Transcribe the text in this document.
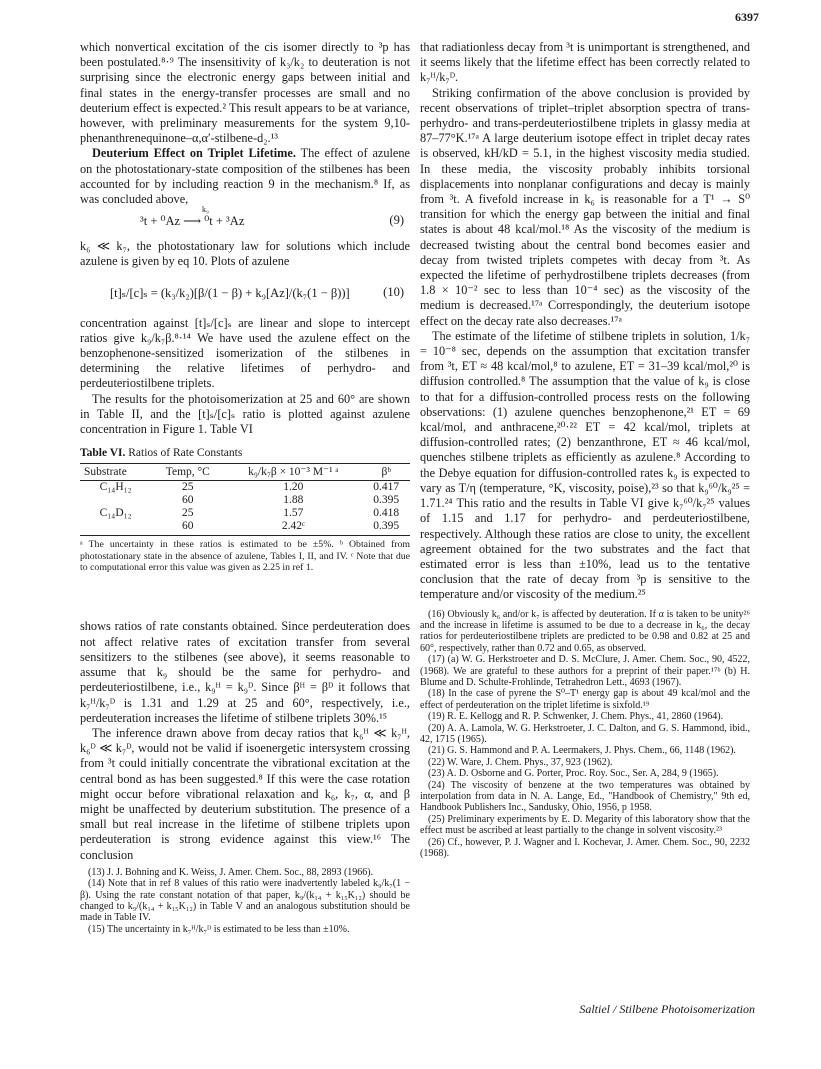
6397

which nonvertical excitation of the cis isomer directly to ³p has been postulated.⁸·⁹ The insensitivity of k₃/k₂ to deuteration is not surprising since the electronic energy gaps between initial and final states in the energy-transfer processes are small and no deuterium effect is expected.² This result appears to be at variance, however, with preliminary measurements for the system 9,10-phenanthrenequinone–α,α′-stilbene-d₂.¹³

Deuterium Effect on Triplet Lifetime. The effect of azulene on the photostationary-state composition of the stilbenes has been accounted for by including reaction 9 in the mechanism.⁸ If, as was concluded above,

k₉
³t + ⁰Az ⟶ ⁰t + ³Az	(9)

k₆ ≪ k₇, the photostationary law for solutions which include azulene is given by eq 10. Plots of azulene

[t]ₛ/[c]ₛ = (k₃/k₂)[β/(1 − β) + k₉[Az]/(k₇(1 − β))]	(10)

concentration against [t]ₛ/[c]ₛ are linear and slope to intercept ratios give k₉/k₇β.⁸·¹⁴ We have used the azulene effect on the benzophenone-sensitized isomerization of the stilbenes in determining the relative lifetimes of perhydro- and perdeuteriostilbene triplets.

The results for the photoisomerization at 25 and 60° are shown in Table II, and the [t]ₛ/[c]ₛ ratio is plotted against azulene concentration in Figure 1. Table VI

Table VI. Ratios of Rate Constants
Substrate	Temp, °C	k₉/k₇β × 10⁻³ M⁻¹ ᵃ	βᵇ
C₁₄H₁₂	25	1.20	0.417
	60	1.88	0.395
C₁₄D₁₂	25	1.57	0.418
	60	2.42ᶜ	0.395
ᵃ The uncertainty in these ratios is estimated to be ±5%. ᵇ Obtained from photostationary state in the absence of azulene, Tables I, II, and IV. ᶜ Note that due to computational error this value was given as 2.25 in ref 1.

shows ratios of rate constants obtained. Since perdeuteration does not affect relative rates of excitation transfer from several sensitizers to the stilbenes (see above), it seems reasonable to assume that k₉ should be the same for perhydro- and perdeuteriostilbene, i.e., k₉ᴴ = k₉ᴰ. Since βᴴ = βᴰ it follows that k₇ᴴ/k₇ᴰ is 1.31 and 1.29 at 25 and 60°, respectively, i.e., perdeuteration increases the lifetime of stilbene triplets 30%.¹⁵

The inference drawn above from decay ratios that k₆ᴴ ≪ k₇ᴴ, k₆ᴰ ≪ k₇ᴰ, would not be valid if isoenergetic intersystem crossing from ³t could initially concentrate the vibrational excitation at the central bond as has been suggested.⁸ If this were the case rotation might occur before vibrational relaxation and k₆, k₇, α, and β might be unaffected by deuterium substitution. The presence of a small but real increase in the lifetime of stilbene triplets upon perdeuteration is strong evidence against this view.¹⁶ The conclusion

(13) J. J. Bohning and K. Weiss, J. Amer. Chem. Soc., 88, 2893 (1966).

(14) Note that in ref 8 values of this ratio were inadvertently labeled k₉/k₇(1 − β). Using the rate constant notation of that paper, k₉/(k₁₄ + k₁₅K₁₂) should be changed to k₉/(k₁₄ + k₁₅K₁₂) in Table V and an analogous substitution should be made in Table IV.

(15) The uncertainty in k₇ᴴ/k₇ᴰ is estimated to be less than ±10%.

that radiationless decay from ³t is unimportant is strengthened, and it seems likely that the lifetime effect has been correctly related to k₇ᴴ/k₇ᴰ.

Striking confirmation of the above conclusion is provided by recent observations of triplet–triplet absorption spectra of trans-perhydro- and trans-perdeuteriostilbene triplets in glassy media at 87–77°K.¹⁷ᵃ A large deuterium isotope effect in triplet decay rates is observed, kH/kD = 5.1, in the highest viscosity media studied. In these media, the viscosity probably inhibits torsional displacements into nonplanar configurations and decay is mainly from ³t. A fivefold increase in k₆ is reasonable for a T¹ → S⁰ transition for which the energy gap between the initial and final states is about 48 kcal/mol.¹⁸ As the viscosity of the medium is decreased twisting about the central bond becomes easier and decay from twisted triplets competes with decay from ³t. As expected the lifetime of perhydrostilbene triplets decreases (from 1.8 × 10⁻² sec to less than 10⁻⁴ sec) as the viscosity of the medium is decreased.¹⁷ᵃ Correspondingly, the deuterium isotope effect on the decay rate also decreases.¹⁷ᵃ

The estimate of the lifetime of stilbene triplets in solution, 1/k₇ = 10⁻⁸ sec, depends on the assumption that excitation transfer from ³t, ET ≈ 48 kcal/mol,⁸ to azulene, ET = 31–39 kcal/mol,²⁰ is diffusion controlled.⁸ The assumption that the value of k₉ is close to that for a diffusion-controlled process rests on the following observations: (1) azulene quenches benzophenone,²¹ ET = 69 kcal/mol, and anthracene,²⁰·²² ET = 42 kcal/mol, triplets at diffusion-controlled rates; (2) benzanthrone, ET ≈ 46 kcal/mol, quenches stilbene triplets as efficiently as azulene.⁸ According to the Debye equation for diffusion-controlled rates k₉ is expected to vary as T/η (temperature, °K, viscosity, poise),²³ so that k₉⁶⁰/k₉²⁵ = 1.71.²⁴ This ratio and the results in Table VI give k₇⁶⁰/k₇²⁵ values of 1.15 and 1.17 for perhydro- and perdeuteriostilbene, respectively. Although these ratios are close to unity, the excellent agreement obtained for the two substrates and the fact that estimated error is less than ±10%, lead us to the tentative conclusion that the rate of decay from ³p is sensitive to the temperature and/or viscosity of the medium.²⁵

(16) Obviously k₆ and/or k₇ is affected by deuteration. If α is taken to be unity²⁶ and the increase in lifetime is assumed to be due to a decrease in k₆, the decay ratios for perdeuteriostilbene triplets are predicted to be 0.98 and 0.82 at 25 and 60°, respectively, rather than 0.72 and 0.65, as observed.

(17) (a) W. G. Herkstroeter and D. S. McClure, J. Amer. Chem. Soc., 90, 4522, (1968). We are grateful to these authors for a preprint of their paper.¹⁷ᵇ (b) H. Blume and D. Schulte-Frohlinde, Tetrahedron Lett., 4693 (1967).

(18) In the case of pyrene the S⁰–T¹ energy gap is about 49 kcal/mol and the effect of perdeuteration on the triplet lifetime is sixfold.¹⁹

(19) R. E. Kellogg and R. P. Schwenker, J. Chem. Phys., 41, 2860 (1964).

(20) A. A. Lamola, W. G. Herkstroeter, J. C. Dalton, and G. S. Hammond, ibid., 42, 1715 (1965).

(21) G. S. Hammond and P. A. Leermakers, J. Phys. Chem., 66, 1148 (1962).

(22) W. Ware, J. Chem. Phys., 37, 923 (1962).

(23) A. D. Osborne and G. Porter, Proc. Roy. Soc., Ser. A, 284, 9 (1965).

(24) The viscosity of benzene at the two temperatures was obtained by interpolation from data in N. A. Lange, Ed., "Handbook of Chemistry," 9th ed, Handbook Publishers Inc., Sandusky, Ohio, 1956, p 1958.

(25) Preliminary experiments by E. D. Megarity of this laboratory show that the effect must be ascribed at least partially to the change in solvent viscosity.²³

(26) Cf., however, P. J. Wagner and I. Kochevar, J. Amer. Chem. Soc., 90, 2232 (1968).

Saltiel / Stilbene Photoisomerization
